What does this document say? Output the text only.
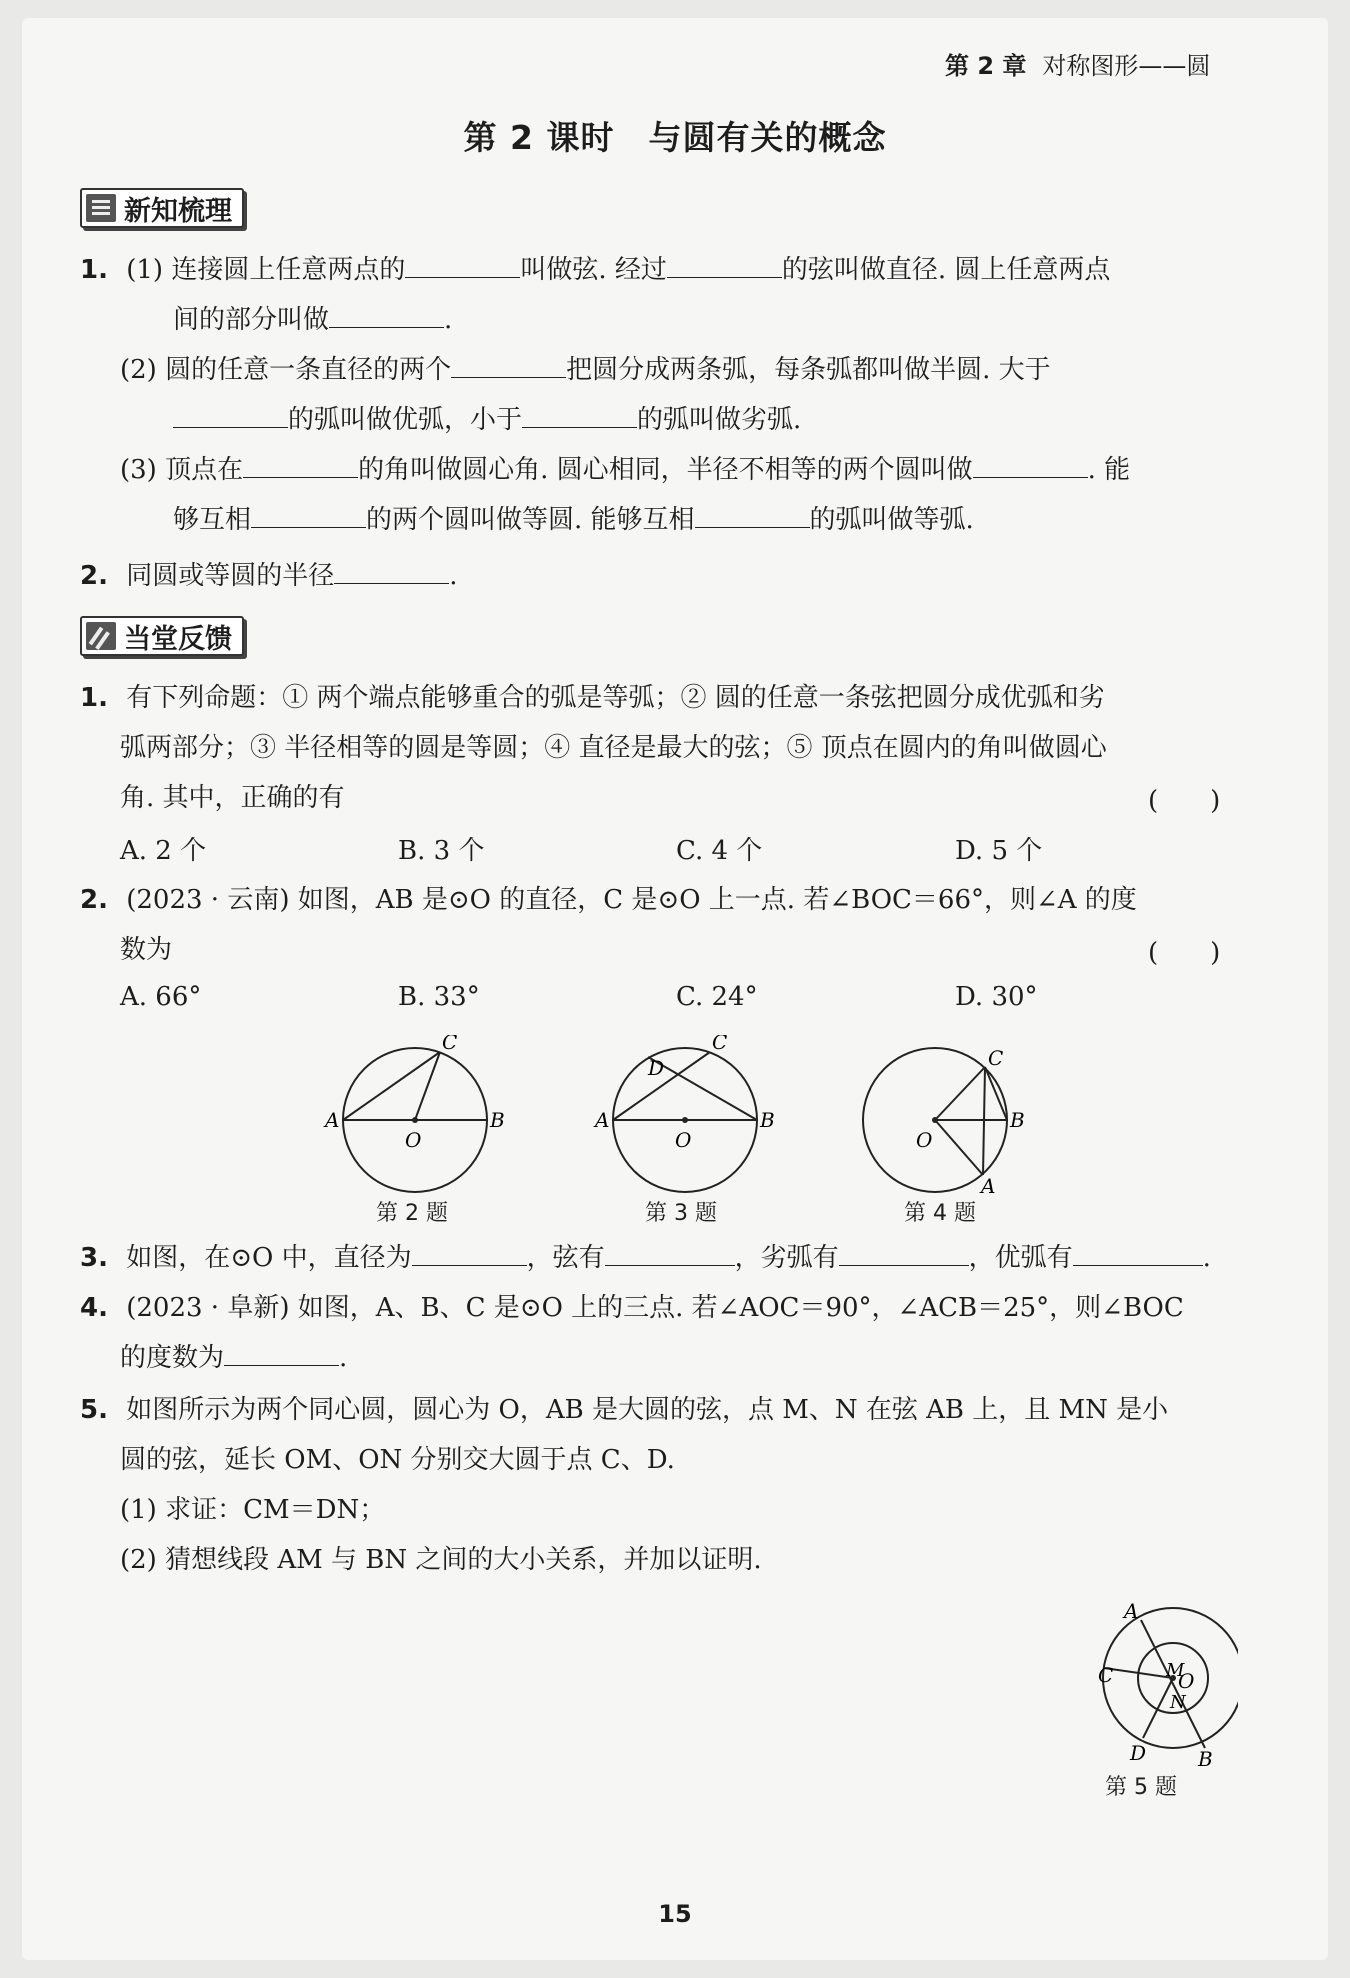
第 2 章 对称图形——圆
第 2 课时　与圆有关的概念
新知梳理
1. (1) 连接圆上任意两点的	叫做弦. 经过	的弦叫做直径. 圆上任意两点
间的部分叫做	.
(2) 圆的任意一条直径的两个	把圆分成两条弧，每条弧都叫做半圆. 大于
的弧叫做优弧，小于	的弧叫做劣弧.
(3) 顶点在	的角叫做圆心角. 圆心相同，半径不相等的两个圆叫做	. 能
够互相	的两个圆叫做等圆. 能够互相	的弧叫做等弧.
2. 同圆或等圆的半径	.
当堂反馈
1. 有下列命题：① 两个端点能够重合的弧是等弧；② 圆的任意一条弦把圆分成优弧和劣
弧两部分；③ 半径相等的圆是等圆；④ 直径是最大的弦；⑤ 顶点在圆内的角叫做圆心
角. 其中，正确的有	(　　)
A. 2 个	B. 3 个	C. 4 个	D. 5 个
2. (2023 · 云南) 如图，AB 是⊙O 的直径，C 是⊙O 上一点. 若∠BOC＝66°，则∠A 的度
数为	(　　)
A. 66°	B. 33°	C. 24°	D. 30°
A	B
C
O
第 2 题
A	B
C
D
O
第 3 题
C
B
A
O
第 4 题
3. 如图，在⊙O 中，直径为	，弦有	，劣弧有	，优弧有	.
4. (2023 · 阜新) 如图，A、B、C 是⊙O 上的三点. 若∠AOC＝90°，∠ACB＝25°，则∠BOC
的度数为	.
5. 如图所示为两个同心圆，圆心为 O，AB 是大圆的弦，点 M、N 在弦 AB 上，且 MN 是小
圆的弦，延长 OM、ON 分别交大圆于点 C、D.
(1) 求证：CM＝DN；
(2) 猜想线段 AM 与 BN 之间的大小关系，并加以证明.
A
M
O
C
N
D	B
第 5 题
15
